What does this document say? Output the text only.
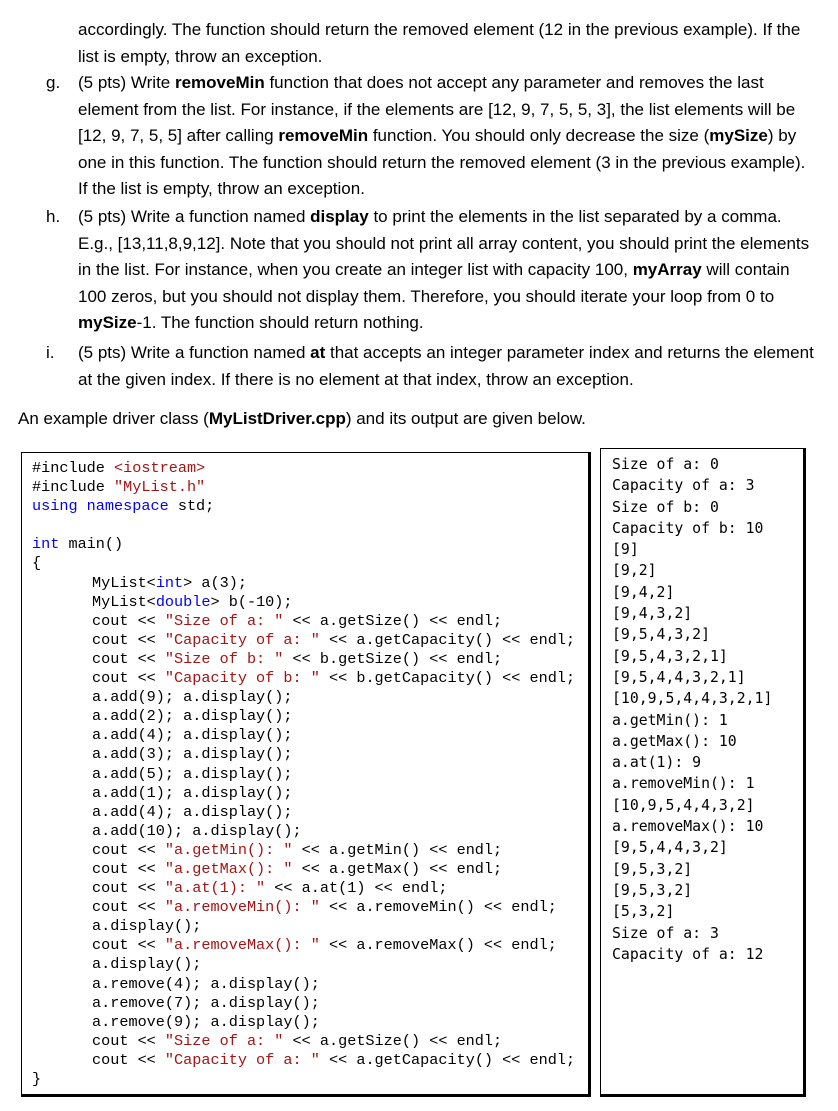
accordingly. The function should return the removed element (12 in the previous example). If the list is empty, throw an exception.
g.	(5 pts) Write removeMin function that does not accept any parameter and removes the last element from the list. For instance, if the elements are [12, 9, 7, 5, 5, 3], the list elements will be [12, 9, 7, 5, 5] after calling removeMin function. You should only decrease the size (mySize) by one in this function. The function should return the removed element (3 in the previous example). If the list is empty, throw an exception.
h.	(5 pts) Write a function named display to print the elements in the list separated by a comma. E.g., [13,11,8,9,12]. Note that you should not print all array content, you should print the elements in the list. For instance, when you create an integer list with capacity 100, myArray will contain 100 zeros, but you should not display them. Therefore, you should iterate your loop from 0 to mySize-1. The function should return nothing.
i.	(5 pts) Write a function named at that accepts an integer parameter index and returns the element at the given index. If there is no element at that index, throw an exception.
An example driver class (MyListDriver.cpp) and its output are given below.
#include <iostream>
#include "MyList.h"
using namespace std;
int main()
{
MyList<int> a(3);
MyList<double> b(-10);
cout << "Size of a: " << a.getSize() << endl;
cout << "Capacity of a: " << a.getCapacity() << endl;
cout << "Size of b: " << b.getSize() << endl;
cout << "Capacity of b: " << b.getCapacity() << endl;
a.add(9); a.display();
a.add(2); a.display();
a.add(4); a.display();
a.add(3); a.display();
a.add(5); a.display();
a.add(1); a.display();
a.add(4); a.display();
a.add(10); a.display();
cout << "a.getMin(): " << a.getMin() << endl;
cout << "a.getMax(): " << a.getMax() << endl;
cout << "a.at(1): " << a.at(1) << endl;
cout << "a.removeMin(): " << a.removeMin() << endl;
a.display();
cout << "a.removeMax(): " << a.removeMax() << endl;
a.display();
a.remove(4); a.display();
a.remove(7); a.display();
a.remove(9); a.display();
cout << "Size of a: " << a.getSize() << endl;
cout << "Capacity of a: " << a.getCapacity() << endl;
}
Size of a: 0
Capacity of a: 3
Size of b: 0
Capacity of b: 10
[9]
[9,2]
[9,4,2]
[9,4,3,2]
[9,5,4,3,2]
[9,5,4,3,2,1]
[9,5,4,4,3,2,1]
[10,9,5,4,4,3,2,1]
a.getMin(): 1
a.getMax(): 10
a.at(1): 9
a.removeMin(): 1
[10,9,5,4,4,3,2]
a.removeMax(): 10
[9,5,4,4,3,2]
[9,5,3,2]
[9,5,3,2]
[5,3,2]
Size of a: 3
Capacity of a: 12
